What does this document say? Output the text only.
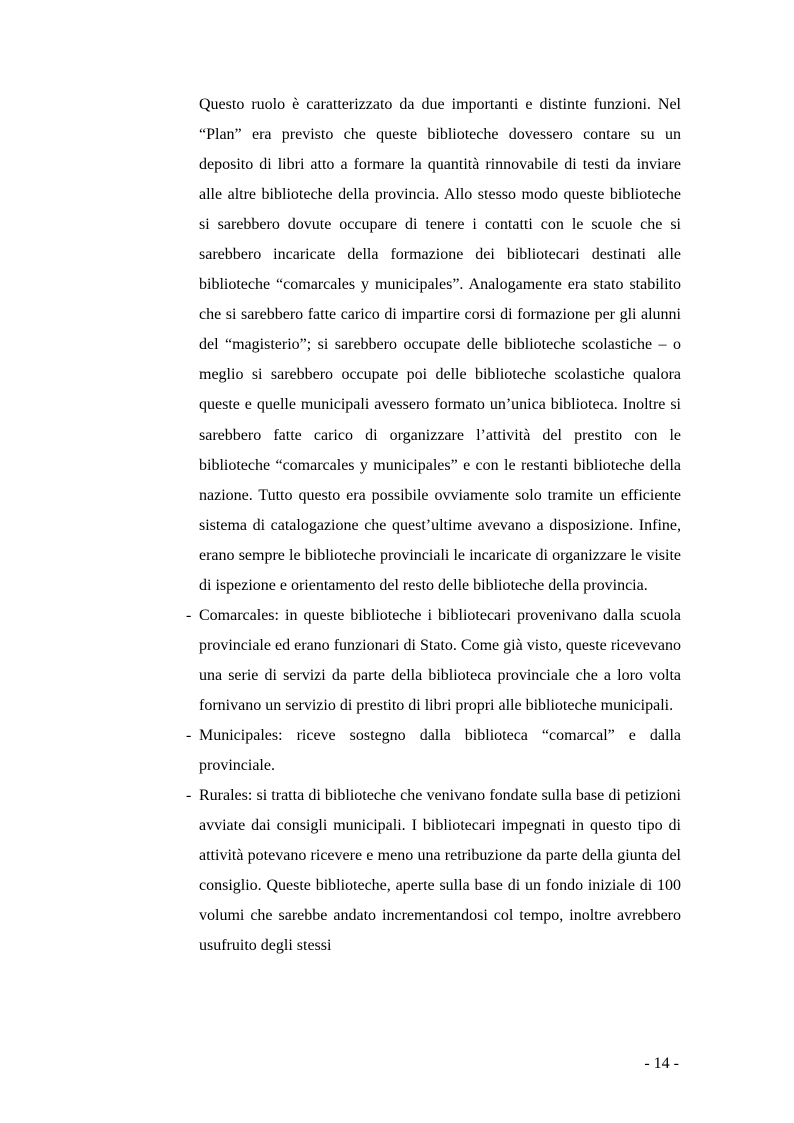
Questo ruolo è caratterizzato da due importanti e distinte funzioni. Nel “Plan” era previsto che queste biblioteche dovessero contare su un deposito di libri atto a formare la quantità rinnovabile di testi da inviare alle altre biblioteche della provincia. Allo stesso modo queste biblioteche si sarebbero dovute occupare di tenere i contatti con le scuole che si sarebbero incaricate della formazione dei bibliotecari destinati alle biblioteche “comarcales y municipales”. Analogamente era stato stabilito che si sarebbero fatte carico di impartire corsi di formazione per gli alunni del “magisterio”; si sarebbero occupate delle biblioteche scolastiche – o meglio si sarebbero occupate poi delle biblioteche scolastiche qualora queste e quelle municipali avessero formato un’unica biblioteca. Inoltre si sarebbero fatte carico di organizzare l’attività del prestito con le biblioteche “comarcales y municipales” e con le restanti biblioteche della nazione. Tutto questo era possibile ovviamente solo tramite un efficiente sistema di catalogazione che quest’ultime avevano a disposizione. Infine, erano sempre le biblioteche provinciali le incaricate di organizzare le visite di ispezione e orientamento del resto delle biblioteche della provincia.

- Comarcales: in queste biblioteche i bibliotecari provenivano dalla scuola provinciale ed erano funzionari di Stato. Come già visto, queste ricevevano una serie di servizi da parte della biblioteca provinciale che a loro volta fornivano un servizio di prestito di libri propri alle biblioteche municipali.
- Municipales: riceve sostegno dalla biblioteca “comarcal” e dalla provinciale.
- Rurales: si tratta di biblioteche che venivano fondate sulla base di petizioni avviate dai consigli municipali. I bibliotecari impegnati in questo tipo di attività potevano ricevere e meno una retribuzione da parte della giunta del consiglio. Queste biblioteche, aperte sulla base di un fondo iniziale di 100 volumi che sarebbe andato incrementandosi col tempo, inoltre avrebbero usufruito degli stessi
- 14 -
